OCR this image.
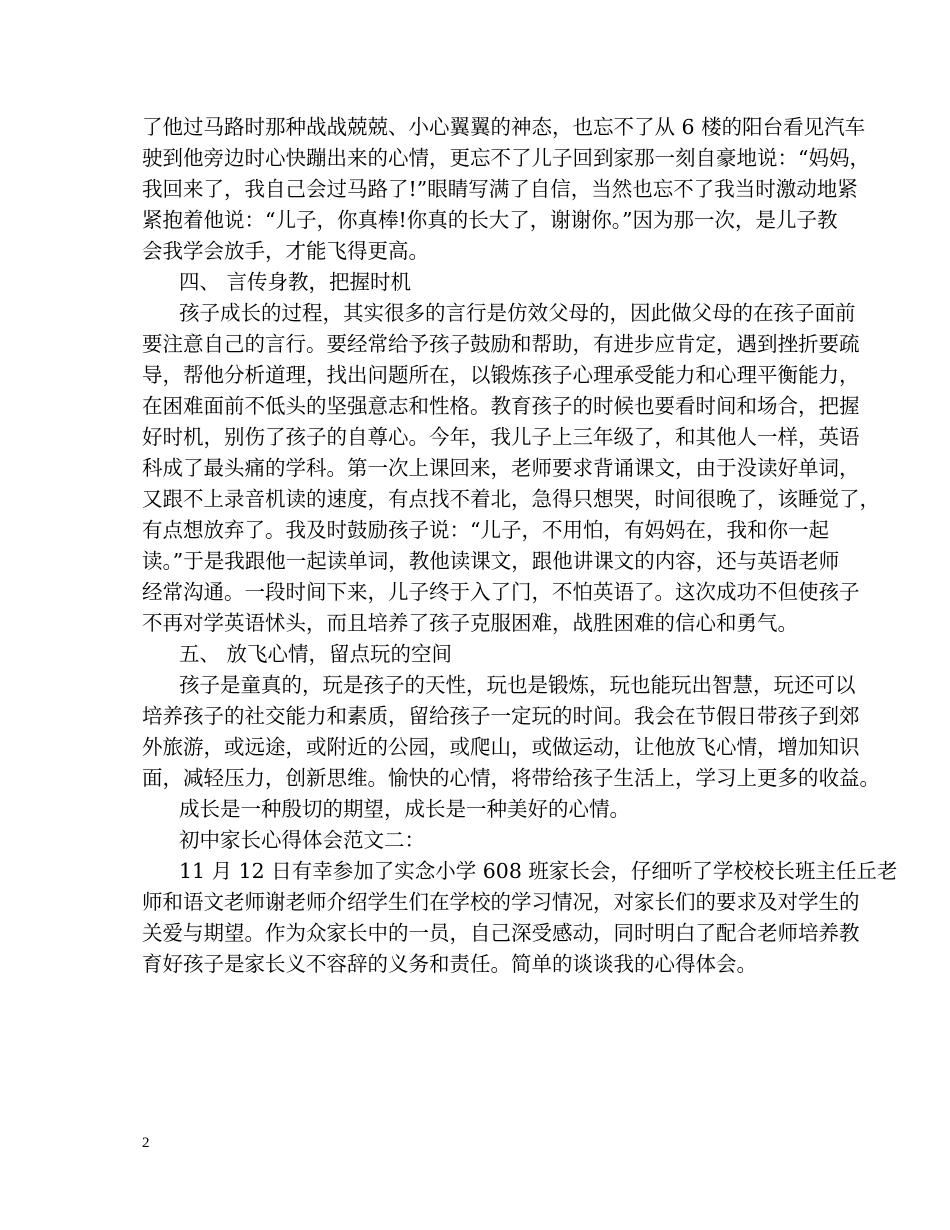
了他过马路时那种战战兢兢、小心翼翼的神态，也忘不了从 6 楼的阳台看见汽车
驶到他旁边时心快蹦出来的心情，更忘不了儿子回到家那一刻自豪地说：“妈妈，
我回来了，我自己会过马路了!”眼睛写满了自信，当然也忘不了我当时激动地紧
紧抱着他说：“儿子，你真棒!你真的长大了，谢谢你。”因为那一次，是儿子教
会我学会放手，才能飞得更高。
四、 言传身教，把握时机
孩子成长的过程，其实很多的言行是仿效父母的，因此做父母的在孩子面前
要注意自己的言行。要经常给予孩子鼓励和帮助，有进步应肯定，遇到挫折要疏
导，帮他分析道理，找出问题所在，以锻炼孩子心理承受能力和心理平衡能力，
在困难面前不低头的坚强意志和性格。教育孩子的时候也要看时间和场合，把握
好时机，别伤了孩子的自尊心。今年，我儿子上三年级了，和其他人一样，英语
科成了最头痛的学科。第一次上课回来，老师要求背诵课文，由于没读好单词，
又跟不上录音机读的速度，有点找不着北，急得只想哭，时间很晚了，该睡觉了，
有点想放弃了。我及时鼓励孩子说：“儿子，不用怕，有妈妈在，我和你一起
读。”于是我跟他一起读单词，教他读课文，跟他讲课文的内容，还与英语老师
经常沟通。一段时间下来，儿子终于入了门，不怕英语了。这次成功不但使孩子
不再对学英语怵头，而且培养了孩子克服困难，战胜困难的信心和勇气。
五、 放飞心情，留点玩的空间
孩子是童真的，玩是孩子的天性，玩也是锻炼，玩也能玩出智慧，玩还可以
培养孩子的社交能力和素质，留给孩子一定玩的时间。我会在节假日带孩子到郊
外旅游，或远途，或附近的公园，或爬山，或做运动，让他放飞心情，增加知识
面，减轻压力，创新思维。愉快的心情，将带给孩子生活上，学习上更多的收益。
成长是一种殷切的期望，成长是一种美好的心情。
初中家长心得体会范文二：
11 月 12 日有幸参加了实念小学 608 班家长会，仔细听了学校校长班主任丘老
师和语文老师谢老师介绍学生们在学校的学习情况，对家长们的要求及对学生的
关爱与期望。作为众家长中的一员，自己深受感动，同时明白了配合老师培养教
育好孩子是家长义不容辞的义务和责任。简单的谈谈我的心得体会。
2
